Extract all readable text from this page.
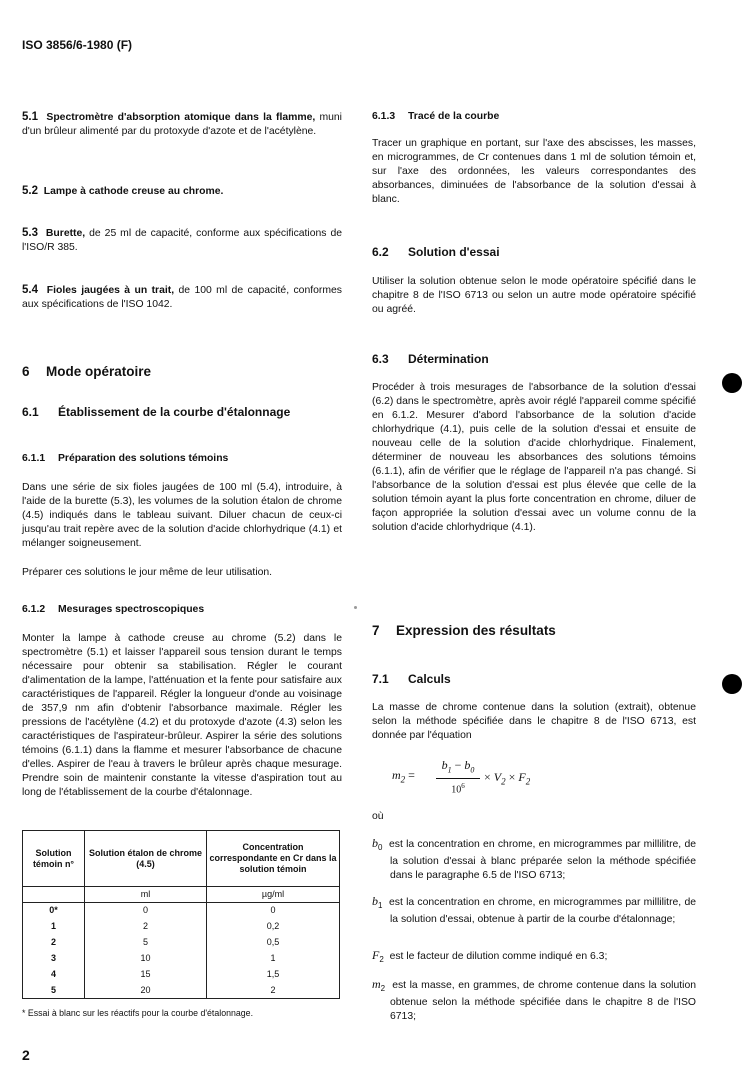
ISO 3856/6-1980 (F)

5.1 Spectromètre d'absorption atomique dans la flamme, muni d'un brûleur alimenté par du protoxyde d'azote et de l'acétylène.

5.2 Lampe à cathode creuse au chrome.

5.3 Burette, de 25 ml de capacité, conforme aux spécifications de l'ISO/R 385.

5.4 Fioles jaugées à un trait, de 100 ml de capacité, conformes aux spécifications de l'ISO 1042.

6 Mode opératoire
6.1 Établissement de la courbe d'étalonnage
6.1.1 Préparation des solutions témoins

Dans une série de six fioles jaugées de 100 ml (5.4), introduire, à l'aide de la burette (5.3), les volumes de la solution étalon de chrome (4.5) indiqués dans le tableau suivant. Diluer chacun de ceux-ci jusqu'au trait repère avec de la solution d'acide chlorhydrique (4.1) et mélanger soigneusement.

Préparer ces solutions le jour même de leur utilisation.

6.1.2 Mesurages spectroscopiques

Monter la lampe à cathode creuse au chrome (5.2) dans le spectromètre (5.1) et laisser l'appareil sous tension durant le temps nécessaire pour obtenir sa stabilisation. Régler le courant d'alimentation de la lampe, l'atténuation et la fente pour satisfaire aux caractéristiques de l'appareil. Régler la longueur d'onde au voisinage de 357,9 nm afin d'obtenir l'absorbance maximale. Régler les pressions de l'acétylène (4.2) et du protoxyde d'azote (4.3) selon les caractéristiques de l'aspirateur-brûleur. Aspirer la série des solutions témoins (6.1.1) dans la flamme et mesurer l'absorbance de chacune d'elles. Aspirer de l'eau à travers le brûleur après chaque mesurage. Prendre soin de maintenir constante la vitesse d'aspiration tout au long de l'établissement de la courbe d'étalonnage.

Solution témoin n°	Solution étalon de chrome (4.5)	Concentration correspondante en Cr dans la solution témoin
	ml	µg/ml
0*	0	0
1	2	0,2
2	5	0,5
3	10	1
4	15	1,5
5	20	2
* Essai à blanc sur les réactifs pour la courbe d'étalonnage.
2
6.1.3 Tracé de la courbe

Tracer un graphique en portant, sur l'axe des abscisses, les masses, en microgrammes, de Cr contenues dans 1 ml de solution témoin et, sur l'axe des ordonnées, les valeurs correspondantes des absorbances, diminuées de l'absorbance de la solution d'essai à blanc.

6.2 Solution d'essai

Utiliser la solution obtenue selon le mode opératoire spécifié dans le chapitre 8 de l'ISO 6713 ou selon un autre mode opératoire spécifié ou agréé.

6.3 Détermination

Procéder à trois mesurages de l'absorbance de la solution d'essai (6.2) dans le spectromètre, après avoir réglé l'appareil comme spécifié en 6.1.2. Mesurer d'abord l'absorbance de la solution d'acide chlorhydrique (4.1), puis celle de la solution d'essai et ensuite de nouveau celle de la solution d'acide chlorhydrique. Finalement, déterminer de nouveau les absorbances des solutions témoins (6.1.1), afin de vérifier que le réglage de l'appareil n'a pas changé. Si l'absorbance de la solution d'essai est plus élevée que celle de la solution témoin ayant la plus forte concentration en chrome, diluer de façon appropriée la solution d'essai avec un volume connu de la solution d'acide chlorhydrique (4.1).

7 Expression des résultats
7.1 Calculs

La masse de chrome contenue dans la solution (extrait), obtenue selon la méthode spécifiée dans le chapitre 8 de l'ISO 6713, est donnée par l'équation

$m_2$ =
$b_1 - b_0$
$10^6$
× $V_2 \times F_2$
où

$b_0$ est la concentration en chrome, en microgrammes par millilitre, de la solution d'essai à blanc préparée selon la méthode spécifiée dans le paragraphe 6.5 de l'ISO 6713;

$b_1$ est la concentration en chrome, en microgrammes par millilitre, de la solution d'essai, obtenue à partir de la courbe d'étalonnage;

$F_2$ est le facteur de dilution comme indiqué en 6.3;

$m_2$ est la masse, en grammes, de chrome contenue dans la solution obtenue selon la méthode spécifiée dans le chapitre 8 de l'ISO 6713;
